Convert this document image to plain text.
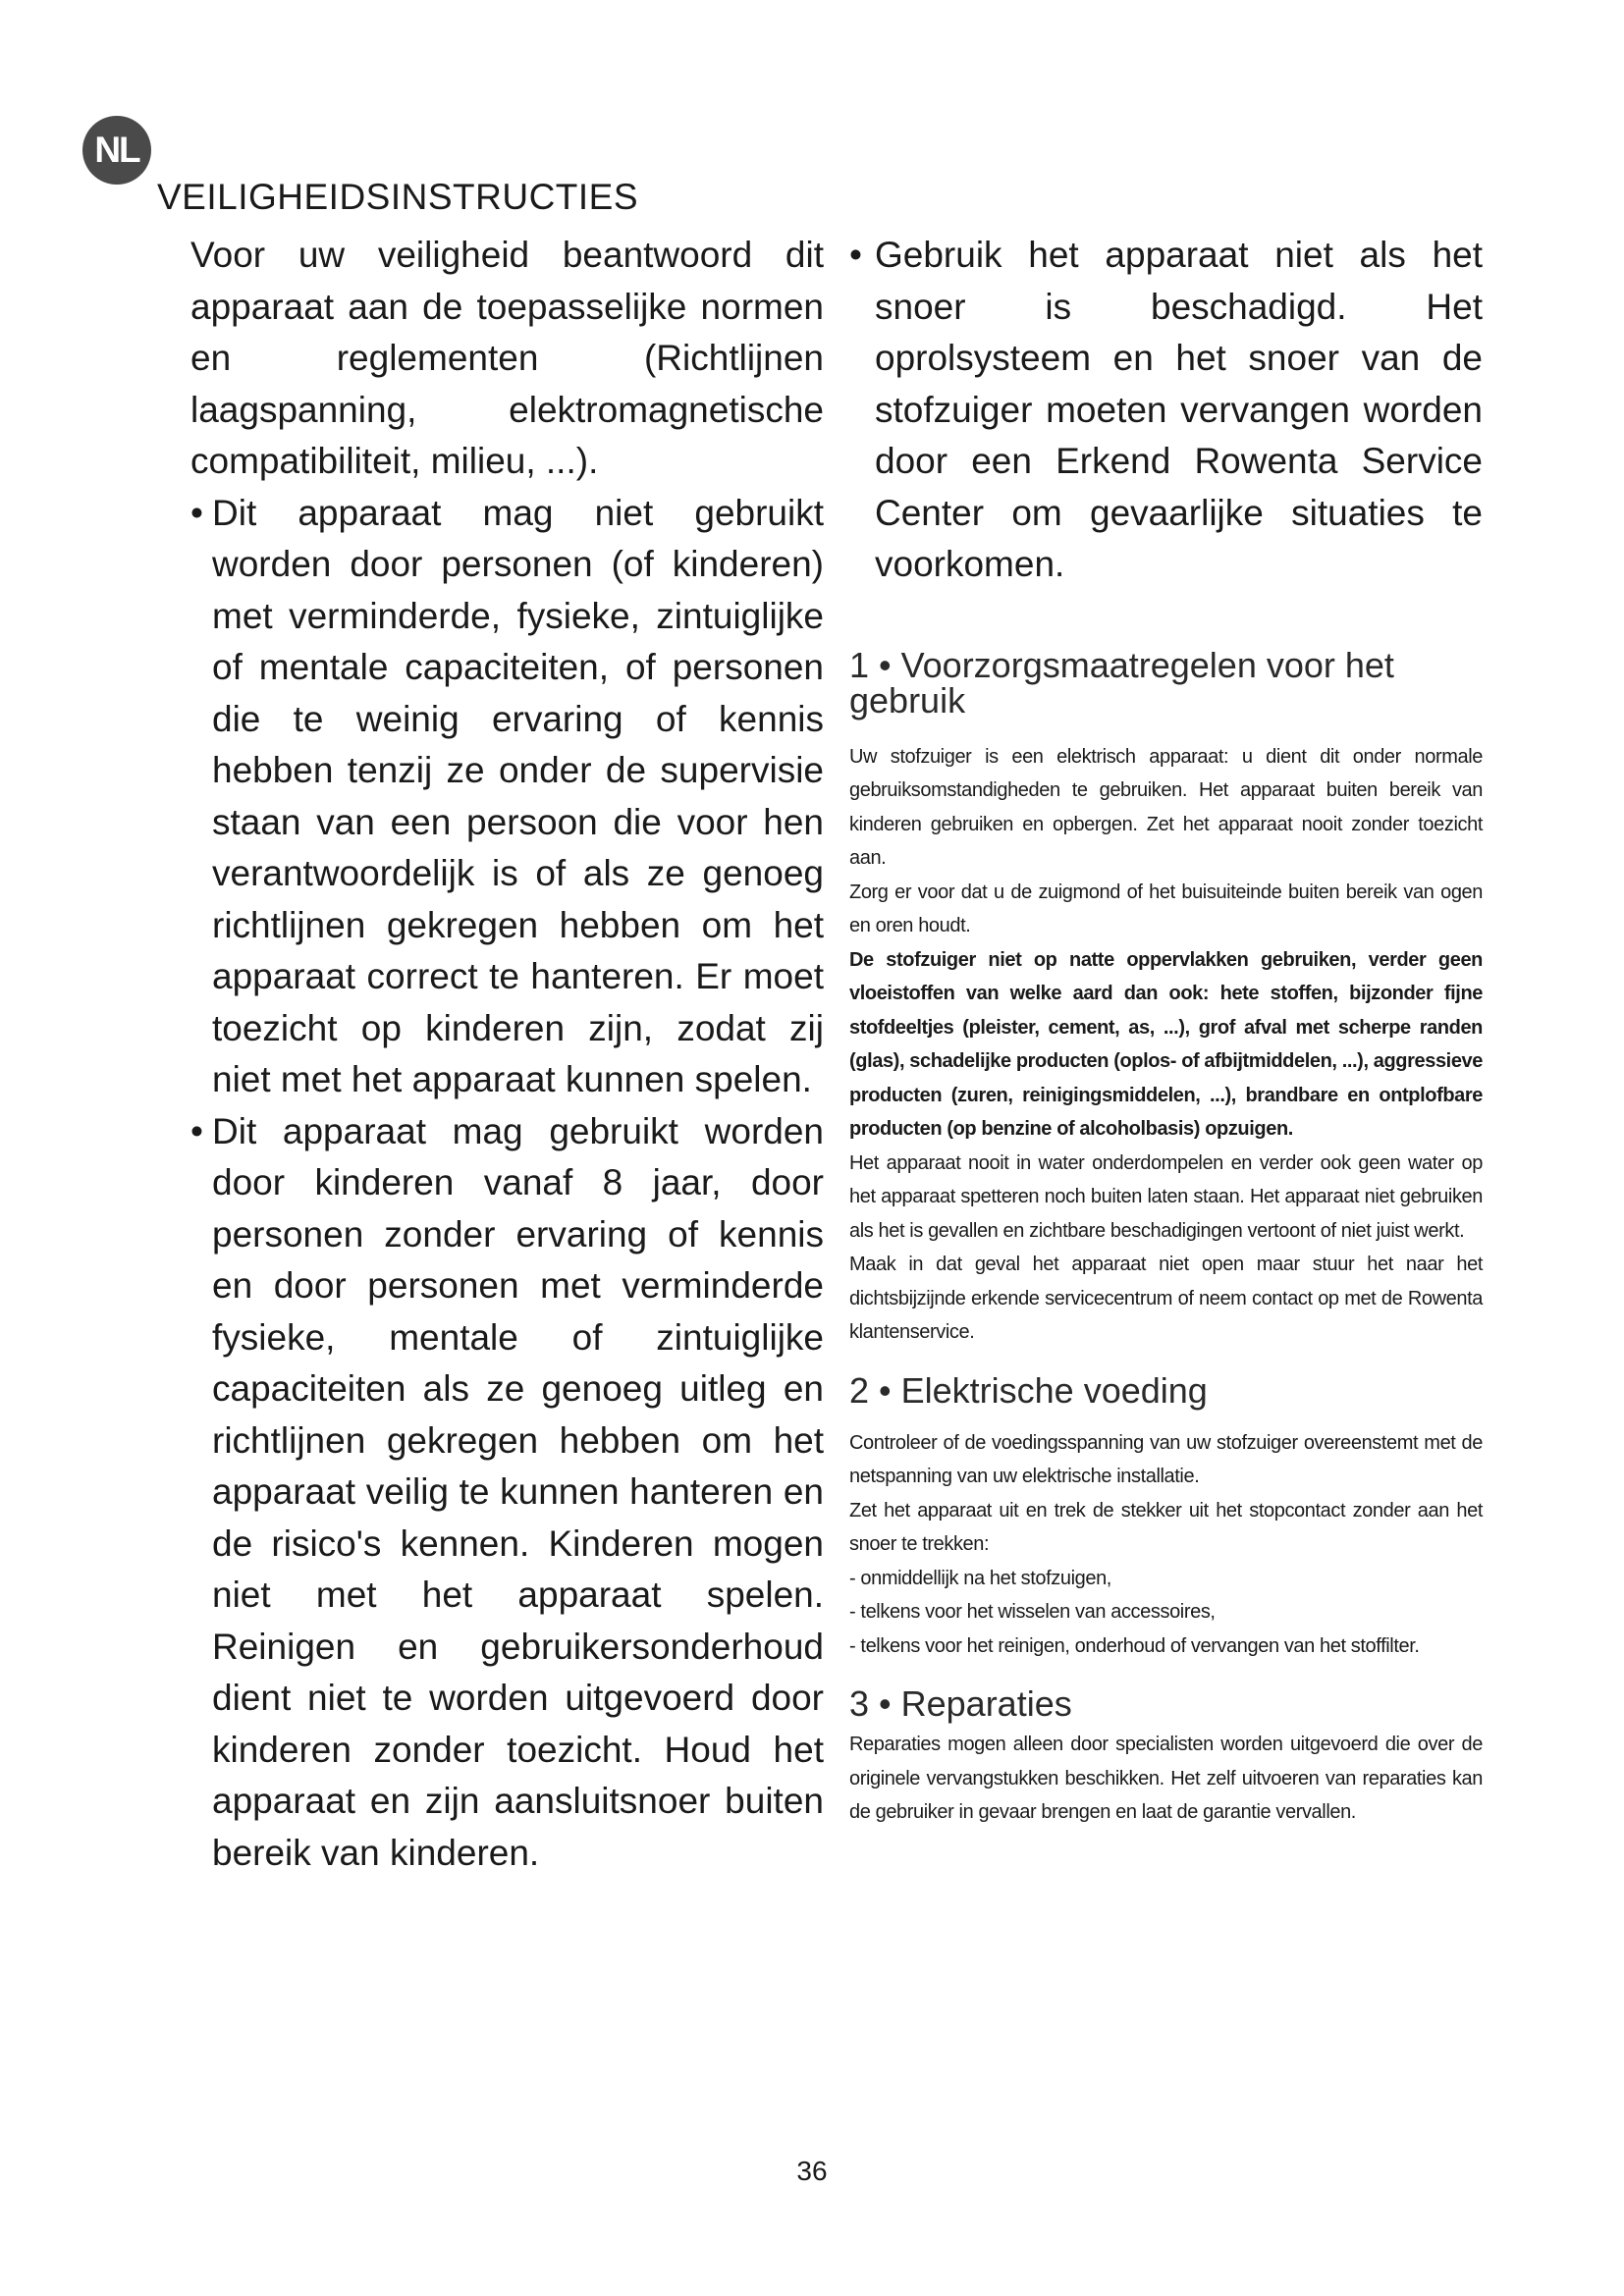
NL
VEILIGHEIDSINSTRUCTIES

Voor uw veiligheid beantwoord dit apparaat aan de toepasselijke normen en reglementen (Richtlijnen laagspanning, elektromagnetische compatibiliteit, milieu, ...).

• Dit apparaat mag niet gebruikt worden door personen (of kinderen) met verminderde, fysieke, zintuiglijke of mentale capaciteiten, of personen die te weinig ervaring of kennis hebben tenzij ze onder de supervisie staan van een persoon die voor hen verantwoordelijk is of als ze genoeg richtlijnen gekregen hebben om het apparaat correct te hanteren. Er moet toezicht op kinderen zijn, zodat zij niet met het apparaat kunnen spelen.

• Dit apparaat mag gebruikt worden door kinderen vanaf 8 jaar, door personen zonder ervaring of kennis en door personen met verminderde fysieke, mentale of zintuiglijke capaciteiten als ze genoeg uitleg en richtlijnen gekregen hebben om het apparaat veilig te kunnen hanteren en de risico's kennen. Kinderen mogen niet met het apparaat spelen. Reinigen en gebruikersonderhoud dient niet te worden uitgevoerd door kinderen zonder toezicht. Houd het apparaat en zijn aansluitsnoer buiten bereik van kinderen.

• Gebruik het apparaat niet als het snoer is beschadigd. Het oprolsysteem en het snoer van de stofzuiger moeten vervangen worden door een Erkend Rowenta Service Center om gevaarlijke situaties te voorkomen.

1 • Voorzorgsmaatregelen voor het gebruik

Uw stofzuiger is een elektrisch apparaat: u dient dit onder normale gebruiksomstandigheden te gebruiken. Het apparaat buiten bereik van kinderen gebruiken en opbergen. Zet het apparaat nooit zonder toezicht aan.

Zorg er voor dat u de zuigmond of het buisuiteinde buiten bereik van ogen en oren houdt.

De stofzuiger niet op natte oppervlakken gebruiken, verder geen vloeistoffen van welke aard dan ook: hete stoffen, bijzonder fijne stofdeeltjes (pleister, cement, as, ...), grof afval met scherpe randen (glas), schadelijke producten (oplos- of afbijtmiddelen, ...), aggressieve producten (zuren, reinigingsmiddelen, ...), brandbare en ontplofbare producten (op benzine of alcoholbasis) opzuigen.

Het apparaat nooit in water onderdompelen en verder ook geen water op het apparaat spetteren noch buiten laten staan. Het apparaat niet gebruiken als het is gevallen en zichtbare beschadigingen vertoont of niet juist werkt.

Maak in dat geval het apparaat niet open maar stuur het naar het dichtsbijzijnde erkende servicecentrum of neem contact op met de Rowenta klantenservice.

2 • Elektrische voeding

Controleer of de voedingsspanning van uw stofzuiger overeenstemt met de netspanning van uw elektrische installatie.

Zet het apparaat uit en trek de stekker uit het stopcontact zonder aan het snoer te trekken:

- onmiddellijk na het stofzuigen,

- telkens voor het wisselen van accessoires,

- telkens voor het reinigen, onderhoud of vervangen van het stoffilter.

3 • Reparaties

Reparaties mogen alleen door specialisten worden uitgevoerd die over de originele vervangstukken beschikken. Het zelf uitvoeren van reparaties kan de gebruiker in gevaar brengen en laat de garantie vervallen.

36
